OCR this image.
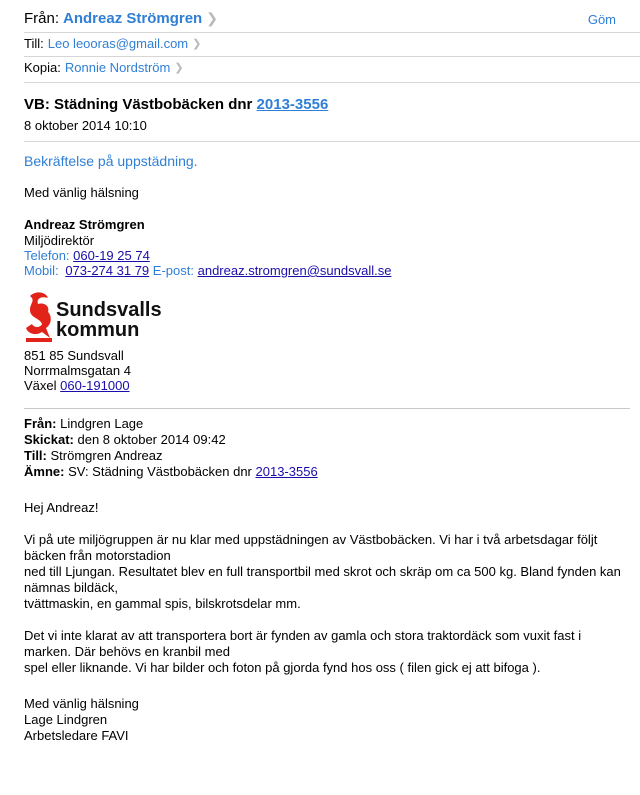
Från: Andreaz Strömgren ❯	Göm
Till: Leo leooras@gmail.com ❯
Kopia: Ronnie Nordström ❯
VB: Städning Västbobäcken dnr 2013-3556
8 oktober 2014 10:10
Bekräftelse på uppstädning.
Med vänlig hälsning
Andreaz Strömgren
Miljödirektör
Telefon: 060-19 25 74
Mobil: 073-274 31 79 E-post: andreaz.stromgren@sundsvall.se
Sundsvalls
kommun
851 85 Sundsvall
Norrmalmsgatan 4
Växel 060-191000
Från: Lindgren Lage
Skickat: den 8 oktober 2014 09:42
Till: Strömgren Andreaz
Ämne: SV: Städning Västbobäcken dnr 2013-3556
Hej Andreaz!
Vi på ute miljögruppen är nu klar med uppstädningen av Västbobäcken. Vi har i två arbetsdagar följt
bäcken från motorstadion
ned till Ljungan. Resultatet blev en full transportbil med skrot och skräp om ca 500 kg. Bland fynden kan
nämnas bildäck,
tvättmaskin, en gammal spis, bilskrotsdelar mm.
Det vi inte klarat av att transportera bort är fynden av gamla och stora traktordäck som vuxit fast i
marken. Där behövs en kranbil med
spel eller liknande. Vi har bilder och foton på gjorda fynd hos oss ( filen gick ej att bifoga ).
Med vänlig hälsning
Lage Lindgren
Arbetsledare FAVI
